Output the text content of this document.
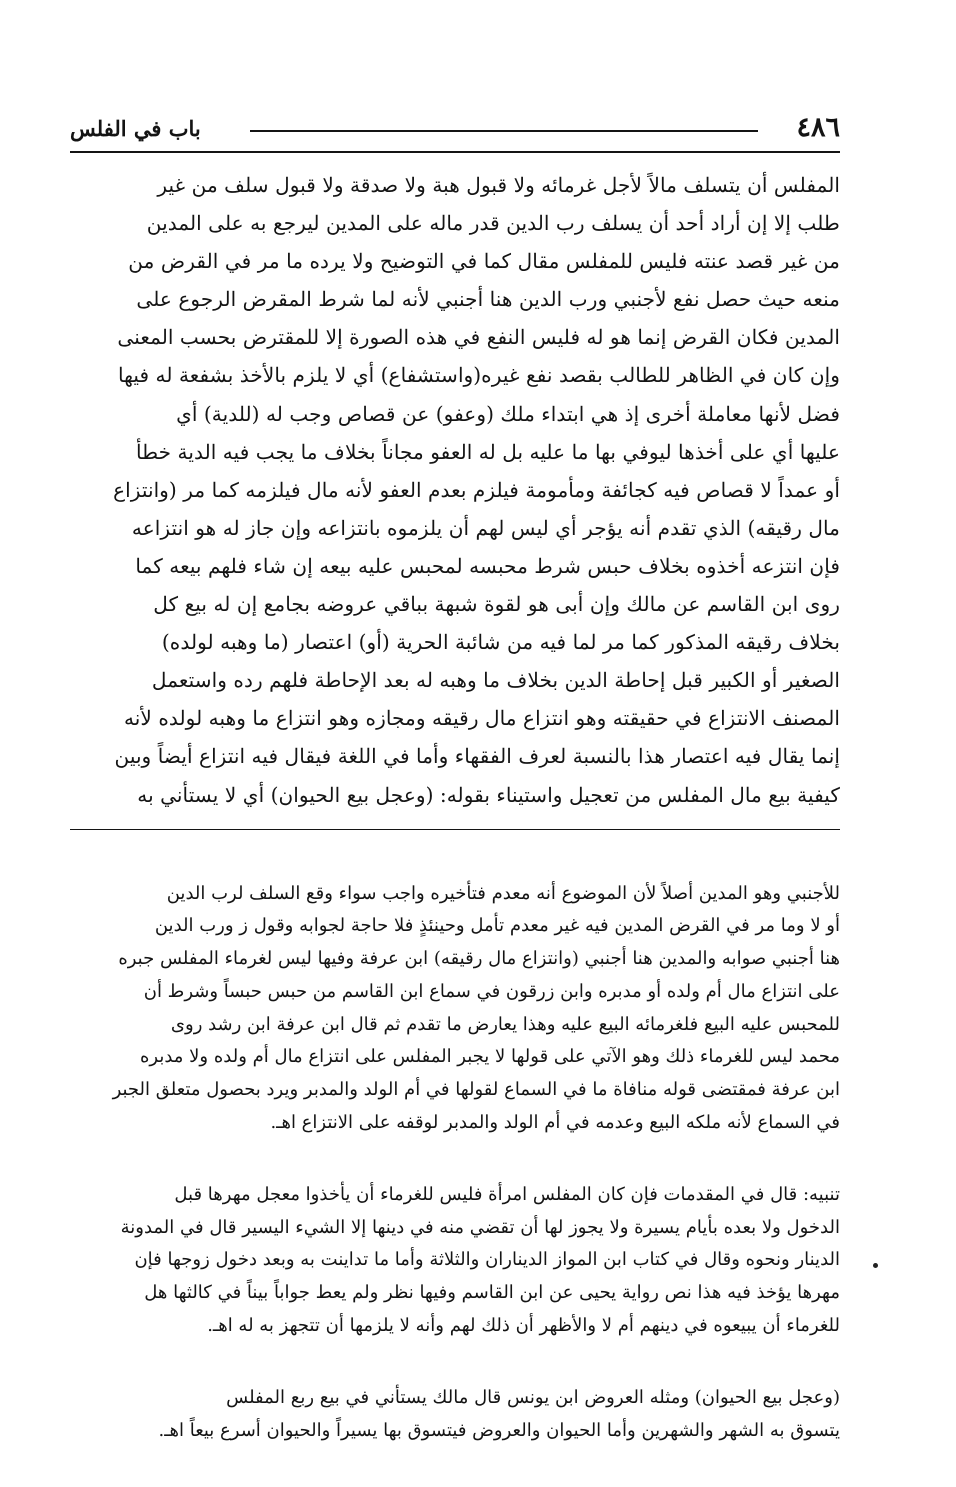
٤٨٦
باب في الفلس
المفلس أن يتسلف مالاً لأجل غرمائه ولا قبول هبة ولا صدقة ولا قبول سلف من غير
طلب إلا إن أراد أحد أن يسلف رب الدين قدر ماله على المدين ليرجع به على المدين
من غير قصد عنته فليس للمفلس مقال كما في التوضيح ولا يرده ما مر في القرض من
منعه حيث حصل نفع لأجنبي ورب الدين هنا أجنبي لأنه لما شرط المقرض الرجوع على
المدين فكان القرض إنما هو له فليس النفع في هذه الصورة إلا للمقترض بحسب المعنى
وإن كان في الظاهر للطالب بقصد نفع غيره(واستشفاع) أي لا يلزم بالأخذ بشفعة له فيها
فضل لأنها معاملة أخرى إذ هي ابتداء ملك (وعفو) عن قصاص وجب له (للدية) أي
عليها أي على أخذها ليوفي بها ما عليه بل له العفو مجاناً بخلاف ما يجب فيه الدية خطأ
أو عمداً لا قصاص فيه كجائفة ومأمومة فيلزم بعدم العفو لأنه مال فيلزمه كما مر (وانتزاع
مال رقيقه) الذي تقدم أنه يؤجر أي ليس لهم أن يلزموه بانتزاعه وإن جاز له هو انتزاعه
فإن انتزعه أخذوه بخلاف حبس شرط محبسه لمحبس عليه بيعه إن شاء فلهم بيعه كما
روى ابن القاسم عن مالك وإن أبى هو لقوة شبهة بباقي عروضه بجامع إن له بيع كل
بخلاف رقيقه المذكور كما مر لما فيه من شائبة الحرية (أو) اعتصار (ما وهبه لولده)
الصغير أو الكبير قبل إحاطة الدين بخلاف ما وهبه له بعد الإحاطة فلهم رده واستعمل
المصنف الانتزاع في حقيقته وهو انتزاع مال رقيقه ومجازه وهو انتزاع ما وهبه لولده لأنه
إنما يقال فيه اعتصار هذا بالنسبة لعرف الفقهاء وأما في اللغة فيقال فيه انتزاع أيضاً وبين
كيفية بيع مال المفلس من تعجيل واستيناء بقوله: (وعجل بيع الحيوان) أي لا يستأني به

للأجنبي وهو المدين أصلاً لأن الموضوع أنه معدم فتأخيره واجب سواء وقع السلف لرب الدين
أو لا وما مر في القرض المدين فيه غير معدم تأمل وحينئذٍ فلا حاجة لجوابه وقول ز ورب الدين
هنا أجنبي صوابه والمدين هنا أجنبي (وانتزاع مال رقيقه) ابن عرفة وفيها ليس لغرماء المفلس جبره
على انتزاع مال أم ولده أو مدبره وابن زرقون في سماع ابن القاسم من حبس حبساً وشرط أن
للمحبس عليه البيع فلغرمائه البيع عليه وهذا يعارض ما تقدم ثم قال ابن عرفة ابن رشد روى
محمد ليس للغرماء ذلك وهو الآتي على قولها لا يجبر المفلس على انتزاع مال أم ولده ولا مدبره
ابن عرفة فمقتضى قوله منافاة ما في السماع لقولها في أم الولد والمدبر ويرد بحصول متعلق الجبر
في السماع لأنه ملكه البيع وعدمه في أم الولد والمدبر لوقفه على الانتزاع اهـ.

تنبيه: قال في المقدمات فإن كان المفلس امرأة فليس للغرماء أن يأخذوا معجل مهرها قبل
الدخول ولا بعده بأيام يسيرة ولا يجوز لها أن تقضي منه في دينها إلا الشيء اليسير قال في المدونة
الدينار ونحوه وقال في كتاب ابن المواز الديناران والثلاثة وأما ما تداينت به وبعد دخول زوجها فإن
مهرها يؤخذ فيه هذا نص رواية يحيى عن ابن القاسم وفيها نظر ولم يعط جواباً بيناً في كالثها هل
للغرماء أن يبيعوه في دينهم أم لا والأظهر أن ذلك لهم وأنه لا يلزمها أن تتجهز به له اهـ.

(وعجل بيع الحيوان) ومثله العروض ابن يونس قال مالك يستأني في بيع ربع المفلس
يتسوق به الشهر والشهرين وأما الحيوان والعروض فيتسوق بها يسيراً والحيوان أسرع بيعاً اهـ.
